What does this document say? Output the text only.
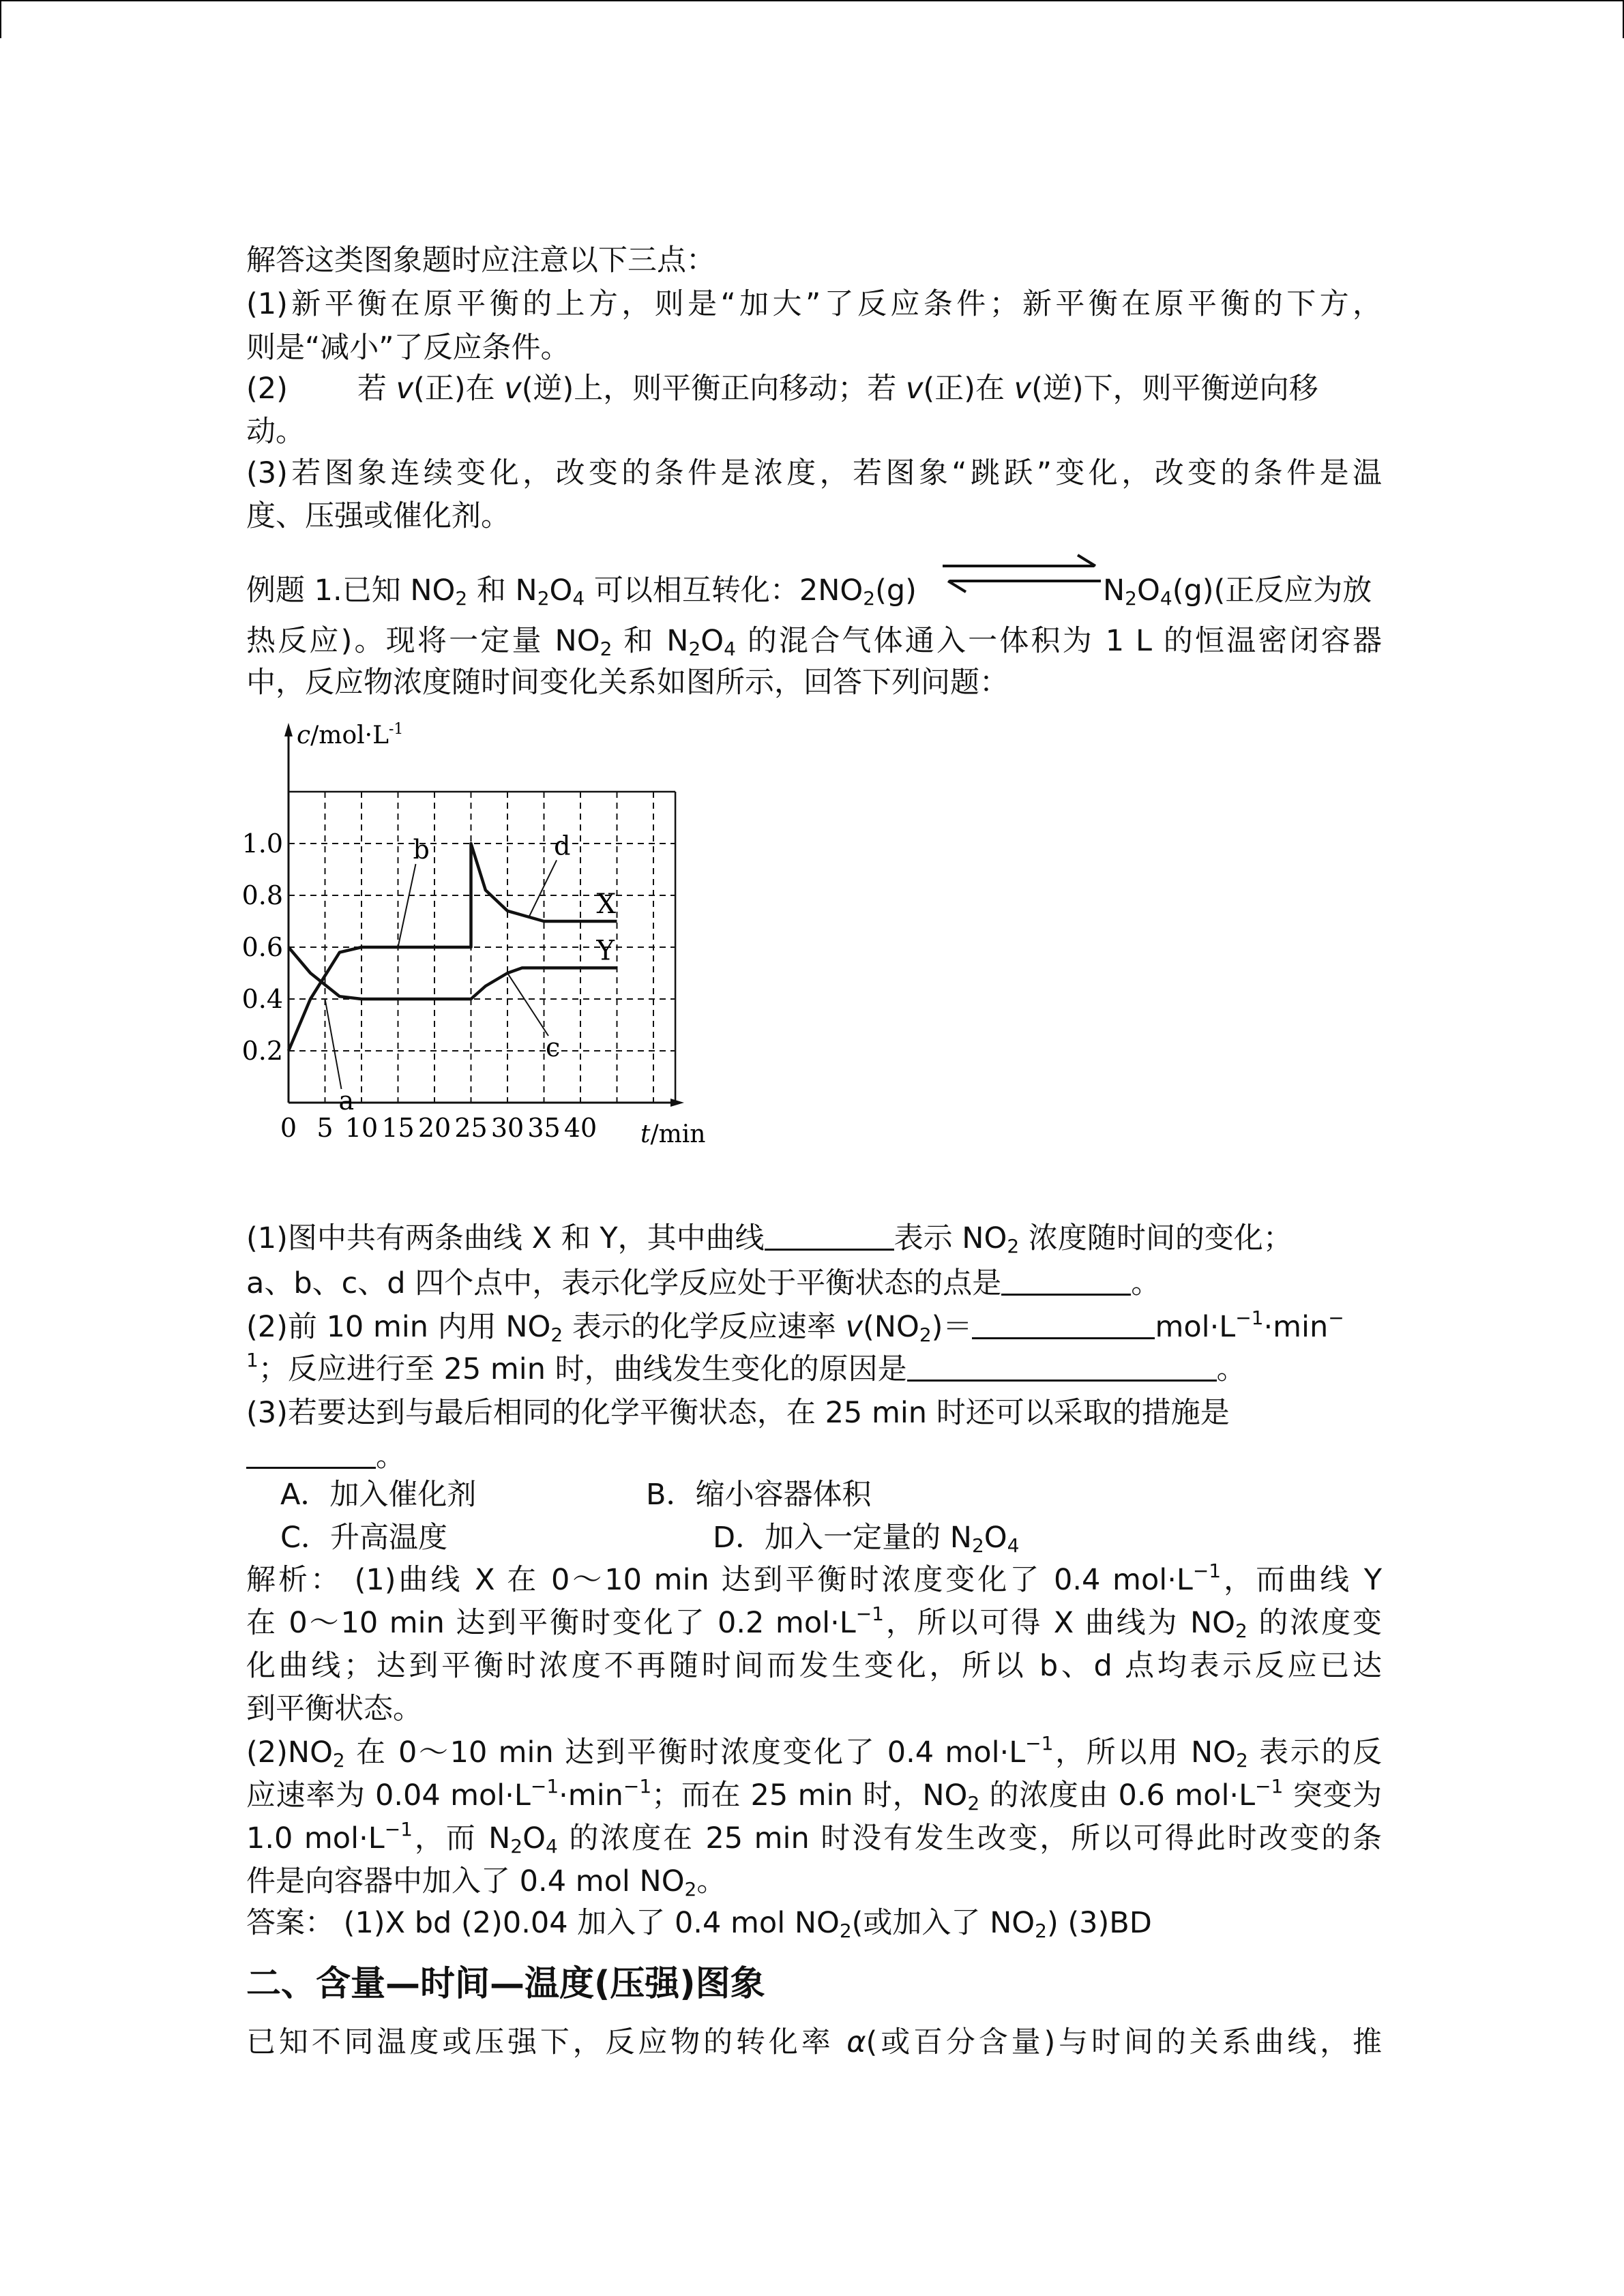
解答这类图象题时应注意以下三点：
(1)新平衡在原平衡的上方，则是“加大”了反应条件；新平衡在原平衡的下方，
则是“减小”了反应条件。
(2) 若 v(正)在 v(逆)上，则平衡正向移动；若 v(正)在 v(逆)下，则平衡逆向移
动。
(3)若图象连续变化，改变的条件是浓度，若图象“跳跃”变化，改变的条件是温
度、压强或催化剂。
例题 1.已知 $NO_2$ 和 $N_2O_4$ 可以相互转化：$2NO_2(g)$	$N_2O_4(g)$(正反应为放
热反应)。现将一定量 $NO_2$ 和 $N_2O_4$ 的混合气体通入一体积为 1 L 的恒温密闭容器
中，反应物浓度随时间变化关系如图所示，回答下列问题：
0 5 10 15 20 25 30 35 40
0.2
0.4
0.6
0.8
1.0
$c/mol\cdot L^{-1}$
t/min
X
Y
a
b
c
d
(1)图中共有两条曲线 X 和 Y，其中曲线	表示 $NO_2$ 浓度随时间的变化；
a、b、c、d 四个点中，表示化学反应处于平衡状态的点是	。
(2)前 10 min 内用 $NO_2$ 表示的化学反应速率 $v(NO_2)=$	$mol\cdot L^{-1}\cdot\min^-$
$^1$；反应进行至 25 min 时，曲线发生变化的原因是	。
(3)若要达到与最后相同的化学平衡状态，在 25 min 时还可以采取的措施是
。
A．加入催化剂	B．缩小容器体积
C．升高温度	D．加入一定量的 $N_2O_4$
解析： (1)曲线 X 在 0～10 min 达到平衡时浓度变化了 0.4 $mol\cdot L^{-1}$，而曲线 Y
在 0～10 min 达到平衡时变化了 0.2 $mol\cdot L^{-1}$，所以可得 X 曲线为 $NO_2$ 的浓度变
化曲线；达到平衡时浓度不再随时间而发生变化，所以 b、d 点均表示反应已达
到平衡状态。
$(2)NO_2$ 在 0～10 min 达到平衡时浓度变化了 0.4 $mol\cdot L^{-1}$，所以用 $NO_2$ 表示的反
应速率为 0.04 $mol\cdot L^{-1}\cdot\min^{-1}$；而在 25 min 时，$NO_2$ 的浓度由 0.6 $mol\cdot L^{-1}$ 突变为
1.0 $mol\cdot L^{-1}$，而 $N_2O_4$ 的浓度在 25 min 时没有发生改变，所以可得此时改变的条
件是向容器中加入了 0.4 mol $NO_2$。
答案： (1)X bd (2)0.04 加入了 0.4 mol $NO_2$(或加入了 $NO_2$) (3)BD
二、含量—时间—温度(压强)图象
已知不同温度或压强下，反应物的转化率 α(或百分含量)与时间的关系曲线，推
